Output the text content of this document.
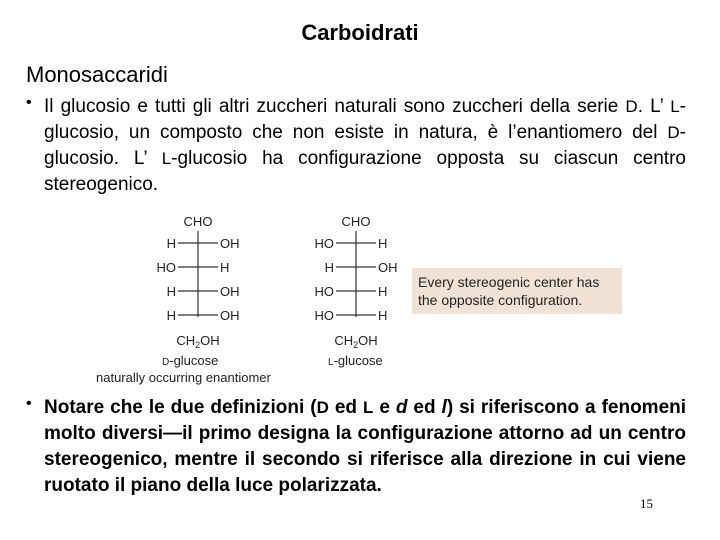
Carboidrati
Monosaccaridi
• Il glucosio e tutti gli altri zuccheri naturali sono zuccheri della serie D. L’ L-glucosio, un composto che non esiste in natura, è l’enantiomero del D-glucosio. L’ L-glucosio ha configurazione opposta su ciascun centro stereogenico.
CHO
H	OH
HO	H
H	OH
H	OH
$CH_2OH$
D-glucose
naturally occurring enantiomer
CHO
HO	H
H	OH
HO	H
HO	H
$CH_2OH$
L-glucose
Every stereogenic center has
the opposite configuration.
• Notare che le due definizioni (D ed L e d ed l) si riferiscono a fenomeni molto diversi—il primo designa la configurazione attorno ad un centro stereogenico, mentre il secondo si riferisce alla direzione in cui viene ruotato il piano della luce polarizzata.
15
